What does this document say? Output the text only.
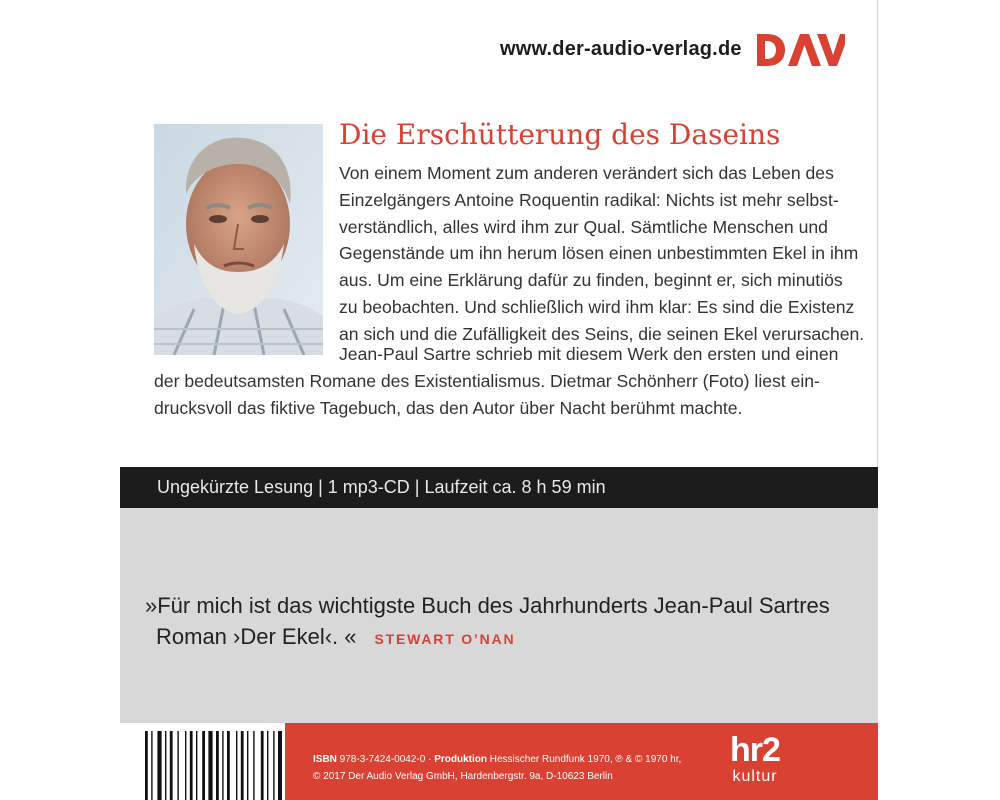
www.der-audio-verlag.de
Die Erschütterung des Daseins
Von einem Moment zum anderen verändert sich das Leben des
Einzelgängers Antoine Roquentin radikal: Nichts ist mehr selbst-
verständlich, alles wird ihm zur Qual. Sämtliche Menschen und
Gegenstände um ihn herum lösen einen unbestimmten Ekel in ihm
aus. Um eine Erklärung dafür zu finden, beginnt er, sich minutiös
zu beobachten. Und schließlich wird ihm klar: Es sind die Existenz
an sich und die Zufälligkeit des Seins, die seinen Ekel verursachen.
Jean-Paul Sartre schrieb mit diesem Werk den ersten und einen
der bedeutsamsten Romane des Existentialismus. Dietmar Schönherr (Foto) liest ein-
drucksvoll das fiktive Tagebuch, das den Autor über Nacht berühmt machte.
Ungekürzte Lesung | 1 mp3-CD | Laufzeit ca. 8 h 59 min
»Für mich ist das wichtigste Buch des Jahrhunderts Jean-Paul Sartres
Roman ›Der Ekel‹. « STEWART O’NAN
ISBN 978-3-7424-0042-0 · Produktion Hessischer Rundfunk 1970, ℗ & © 1970 hr,
© 2017 Der Audio Verlag GmbH, Hardenbergstr. 9a, D-10623 Berlin
hr2
kultur
